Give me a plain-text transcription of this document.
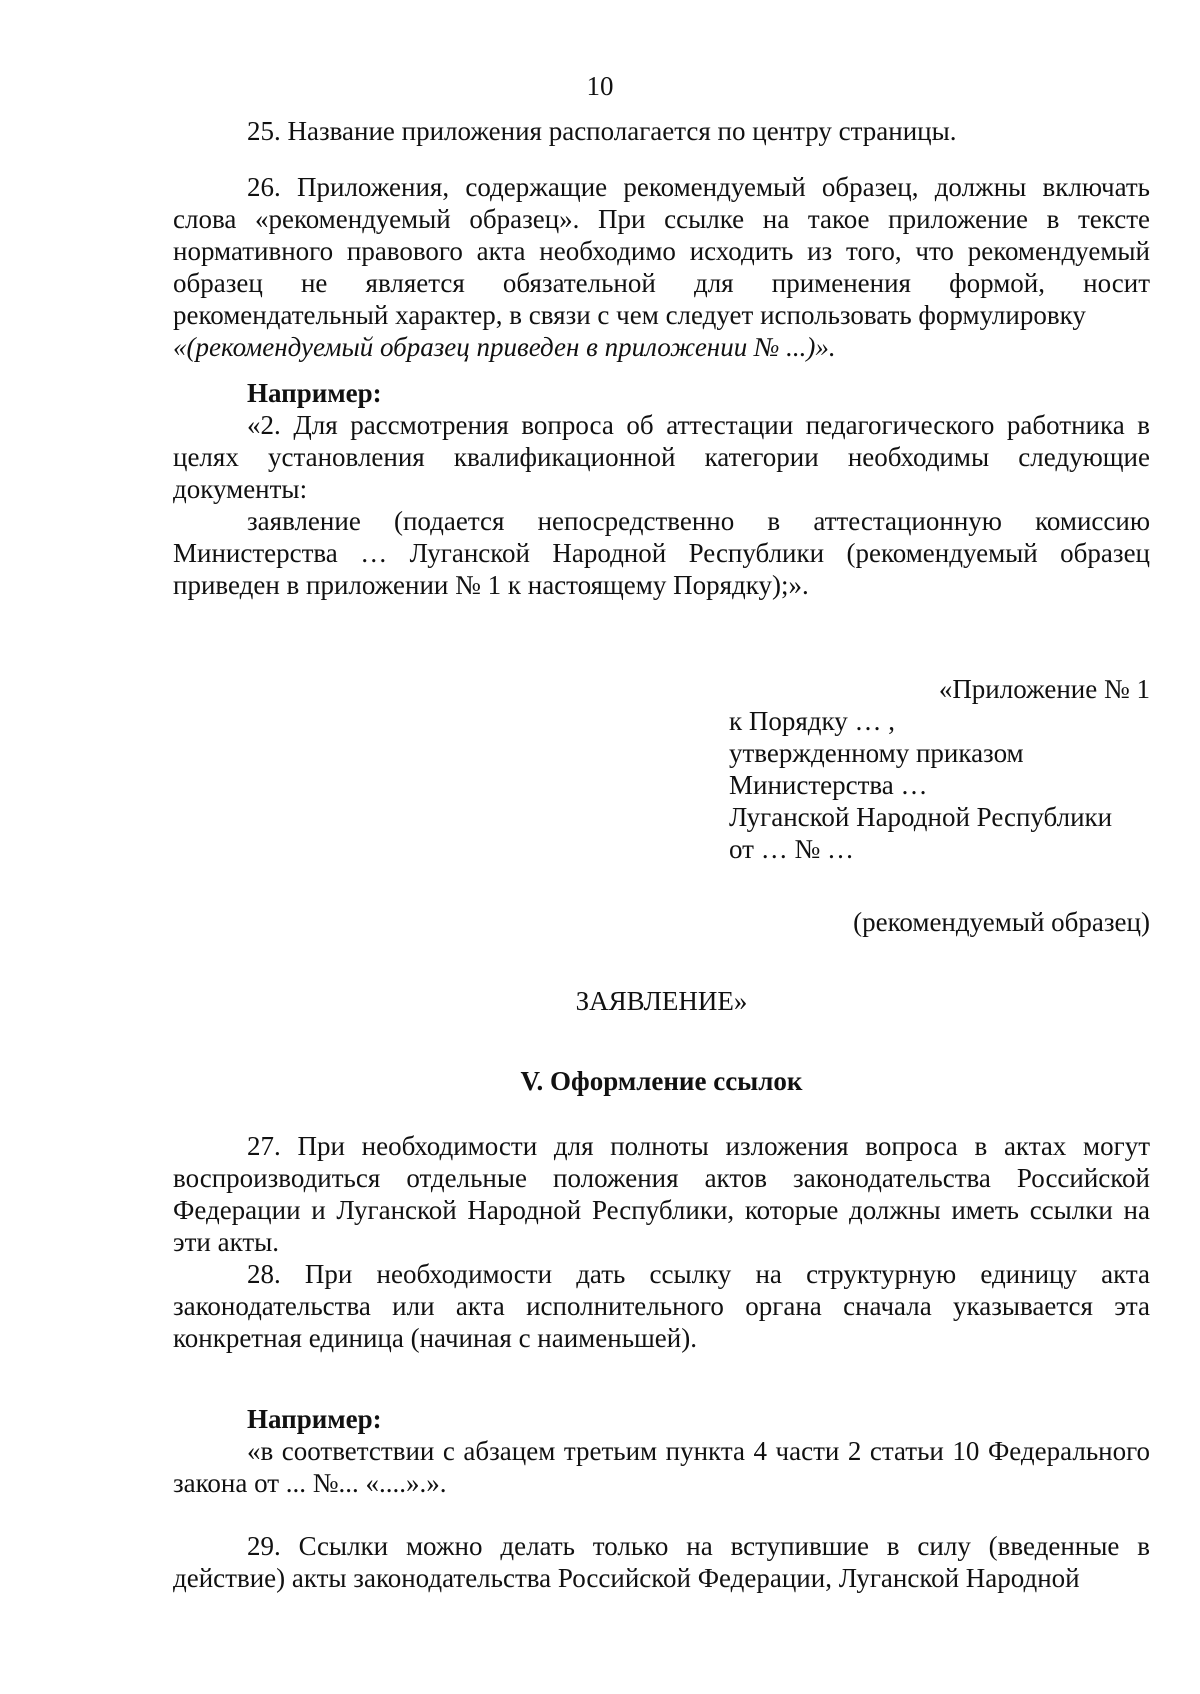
10

25. Название приложения располагается по центру страницы.

26. Приложения, содержащие рекомендуемый образец, должны включать слова «рекомендуемый образец». При ссылке на такое приложение в тексте нормативного правового акта необходимо исходить из того, что рекомендуемый образец не является обязательной для применения формой, носит рекомендательный характер, в связи с чем следует использовать формулировку
«(рекомендуемый образец приведен в приложении № ...)».

Например:

«2. Для рассмотрения вопроса об аттестации педагогического работника в целях установления квалификационной категории необходимы следующие документы:

заявление (подается непосредственно в аттестационную комиссию Министерства … Луганской Народной Республики (рекомендуемый образец приведен в приложении № 1 к настоящему Порядку);».

«Приложение № 1
к Порядку … ,
утвержденному приказом
Министерства …
Луганской Народной Республики
от … № …
(рекомендуемый образец)
ЗАЯВЛЕНИЕ»
V. Оформление ссылок

27. При необходимости для полноты изложения вопроса в актах могут воспроизводиться отдельные положения актов законодательства Российской Федерации и Луганской Народной Республики, которые должны иметь ссылки на эти акты.

28. При необходимости дать ссылку на структурную единицу акта законодательства или акта исполнительного органа сначала указывается эта конкретная единица (начиная с наименьшей).

Например:

«в соответствии с абзацем третьим пункта 4 части 2 статьи 10 Федерального закона от ... №... «....».».

29. Ссылки можно делать только на вступившие в силу (введенные в действие) акты законодательства Российской Федерации, Луганской Народной
